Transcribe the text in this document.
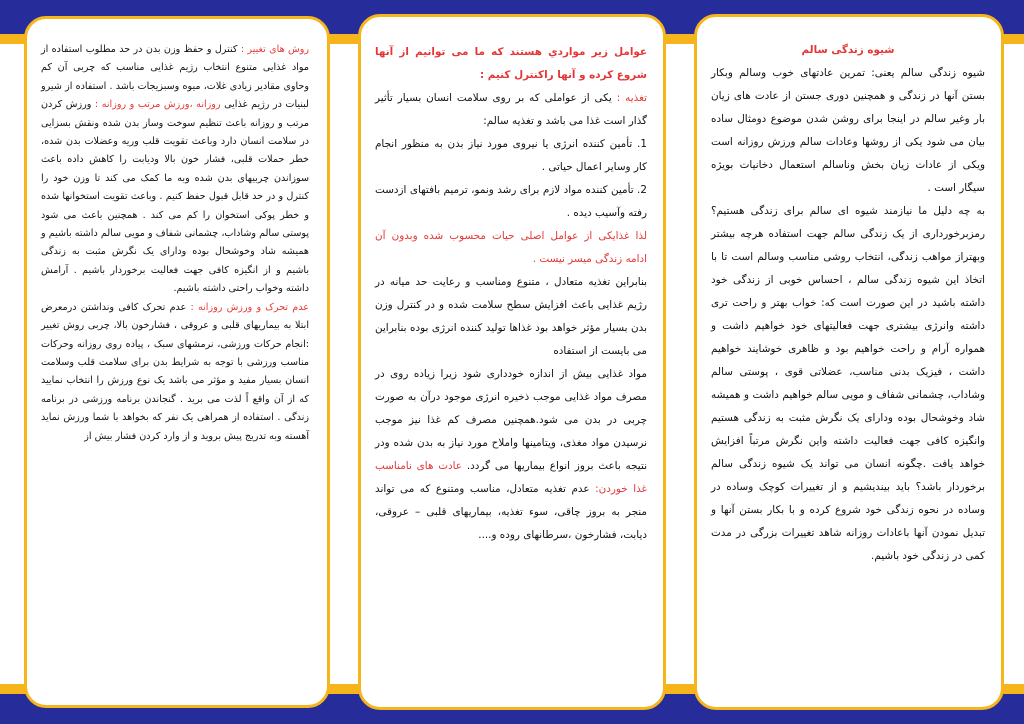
شیوه زندگی سالم

شیوه زندگی سالم یعنی: تمرین عادتهای خوب وسالم وبکار بستن آنها در زندگی و همچنین دوری جستن از عادت های زیان بار وغیر سالم در اینجا برای روشن شدن موضوع دومثال ساده بیان می شود یکی از روشها وعادات سالم ورزش روزانه است ویکی از عادات زیان بخش وناسالم استعمال دخانیات بویژه سیگار است .

به چه دلیل ما نیازمند شیوه ای سالم برای زندگی هستیم؟ رمزبرخورداری از یک زندگی سالم جهت استفاده هرچه بیشتر وبهتراز مواهب زندگی، انتخاب روشی مناسب وسالم است تا با اتخاذ این شیوه زندگی سالم ، احساس خوبی از زندگی خود داشته باشید در این صورت است که: خواب بهتر و راحت تری داشته وانرژی بیشتری جهت فعالیتهای خود خواهیم داشت و همواره آرام و راحت خواهیم بود و ظاهری خوشایند خواهیم داشت ، فیزیک بدنی مناسب، عضلاتی قوی ، پوستی سالم وشاداب، چشمانی شفاف و مویی سالم خواهیم داشت و همیشه شاد وخوشحال بوده ودارای یک نگرش مثبت به زندگی هستیم وانگیزه کافی جهت فعالیت داشته واین نگرش مرتباً افزایش خواهد یافت .چگونه انسان می تواند یک شیوه زندگی سالم برخوردار باشد؟ باید بیندیشیم و از تغییرات کوچک وساده در وساده در نحوه زندگی خود شروع کرده و با بکار بستن آنها و تبدیل نمودن آنها باعادات روزانه شاهد تغییرات بزرگی در مدت کمی در زندگی خود باشیم.

عوامل زیر مواردي هستند که ما می توانیم از آنها شروع کرده و آنها راکنترل کنیم :

تغذیه : یکی از عواملی که بر روی سلامت انسان بسیار تأثیر گذار است غذا می باشد و تغذیه سالم:

1. تأمین کننده انرژی یا نیروی مورد نیاز بدن به منظور انجام کار وسایر اعمال حیاتی .

2. تأمین کننده مواد لازم برای رشد ونمو، ترمیم بافتهای ازدست رفته وآسیب دیده .

لذا غذایکی از عوامل اصلی حیات محسوب شده وبدون آن ادامه زندگی میسر نیست .

بنابراین تغذیه متعادل ، متنوع ومناسب و رعایت حد میانه در رژیم غذایی باعث افزایش سطح سلامت شده و در کنترل وزن بدن بسیار مؤثر خواهد بود غذاها تولید کننده انرژی بوده بنابراین می بایست از استفاده

مواد غذایی بیش از اندازه خودداری شود زیرا زیاده روی در مصرف مواد غذایی موجب ذخیره انرژی موجود درآن به صورت چربی در بدن می شود.همچنین مصرف کم غذا نیز موجب نرسیدن مواد مغذی، ویتامینها واملاح مورد نیاز به بدن شده ودر نتیجه باعث بروز انواع بیماریها می گردد. عادت های نامناسب غذا خوردن: عدم تغذیه متعادل، مناسب ومتنوع که می تواند منجر به بروز چاقی، سوء تغذیه، بیماریهای قلبی – عروقی، دیابت، فشارخون ،سرطانهای روده و....

روش های تغییر : کنترل و حفظ وزن بدن در حد مطلوب استفاده از مواد غذایی متنوع انتخاب رژیم غذایی مناسب که چربی آن کم وحاوی مقادیر زیادی غلات، میوه وسبزیجات باشد . استفاده از شیرو لبنیات در رژیم غذایی روزانه ،ورزش مرتب و روزانه : ورزش کردن مرتب و روزانه باعث تنظیم سوخت وساز بدن شده ونقش بسزایی در سلامت انسان دارد وباعث تقویت قلب وریه وعضلات بدن شده، خطر حملات قلبی، فشار خون بالا ودیابت را کاهش داده باعث سوزاندن چربیهای بدن شده وبه ما کمک می کند تا وزن خود را کنترل و در حد قابل قبول حفظ کنیم . وباعث تقویت استخوانها شده و خطر پوکی استخوان را کم می کند . همچنین باعث می شود پوستی سالم وشاداب، چشمانی شفاف و مویی سالم داشته باشیم و همیشه شاد وخوشحال بوده ودارای یک نگرش مثبت به زندگی باشیم و از انگیزه کافی جهت فعالیت برخوردار باشیم . آرامش داشته وخواب راحتی داشته باشیم.

عدم تحرک و ورزش روزانه : عدم تحرک کافی ونداشتن درمعرض ابتلا به بیماریهای قلبی و عروقی ، فشارخون بالا، چربی روش تغییر :انجام حرکات ورزشی، نرمشهای سبک ، پیاده روی روزانه وحرکات مناسب ورزشی با توجه به شرایط بدن برای سلامت قلب وسلامت انسان بسیار مفید و مؤثر می باشد یک نوع ورزش را انتخاب نمایید که از آن واقع اً لذت می برید . گنجاندن برنامه ورزشی در برنامه زندگی . استفاده از همراهی یک نفر که بخواهد با شما ورزش نماید آهسته وبه تدریج پیش بروید و از وارد کردن فشار بیش از
